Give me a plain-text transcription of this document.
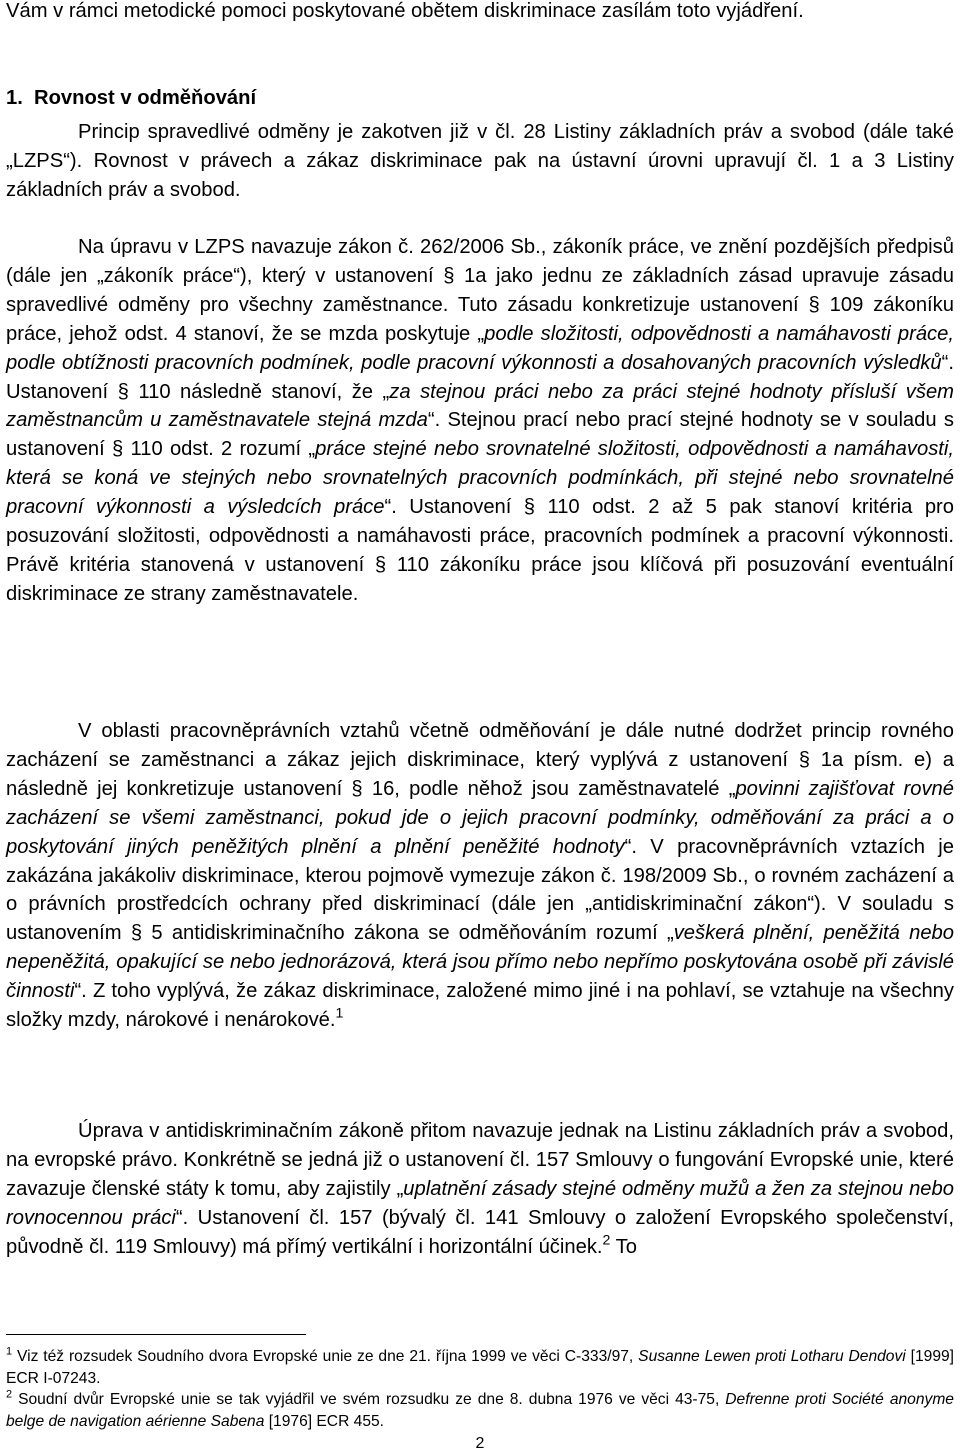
Vám v rámci metodické pomoci poskytované obětem diskriminace zasílám toto vyjádření.

1. Rovnost v odměňování

Princip spravedlivé odměny je zakotven již v čl. 28 Listiny základních práv a svobod (dále také „LZPS“). Rovnost v právech a zákaz diskriminace pak na ústavní úrovni upravují čl. 1 a 3 Listiny základních práv a svobod.

Na úpravu v LZPS navazuje zákon č. 262/2006 Sb., zákoník práce, ve znění pozdějších předpisů (dále jen „zákoník práce“), který v ustanovení § 1a jako jednu ze základních zásad upravuje zásadu spravedlivé odměny pro všechny zaměstnance. Tuto zásadu konkretizuje ustanovení § 109 zákoníku práce, jehož odst. 4 stanoví, že se mzda poskytuje „podle složitosti, odpovědnosti a namáhavosti práce, podle obtížnosti pracovních podmínek, podle pracovní výkonnosti a dosahovaných pracovních výsledků“. Ustanovení § 110 následně stanoví, že „za stejnou práci nebo za práci stejné hodnoty přísluší všem zaměstnancům u zaměstnavatele stejná mzda“. Stejnou prací nebo prací stejné hodnoty se v souladu s ustanovení § 110 odst. 2 rozumí „práce stejné nebo srovnatelné složitosti, odpovědnosti a namáhavosti, která se koná ve stejných nebo srovnatelných pracovních podmínkách, při stejné nebo srovnatelné pracovní výkonnosti a výsledcích práce“. Ustanovení § 110 odst. 2 až 5 pak stanoví kritéria pro posuzování složitosti, odpovědnosti a namáhavosti práce, pracovních podmínek a pracovní výkonnosti. Právě kritéria stanovená v ustanovení § 110 zákoníku práce jsou klíčová při posuzování eventuální diskriminace ze strany zaměstnavatele.

V oblasti pracovněprávních vztahů včetně odměňování je dále nutné dodržet princip rovného zacházení se zaměstnanci a zákaz jejich diskriminace, který vyplývá z ustanovení § 1a písm. e) a následně jej konkretizuje ustanovení § 16, podle něhož jsou zaměstnavatelé „povinni zajišťovat rovné zacházení se všemi zaměstnanci, pokud jde o jejich pracovní podmínky, odměňování za práci a o poskytování jiných peněžitých plnění a plnění peněžité hodnoty“. V pracovněprávních vztazích je zakázána jakákoliv diskriminace, kterou pojmově vymezuje zákon č. 198/2009 Sb., o rovném zacházení a o právních prostředcích ochrany před diskriminací (dále jen „antidiskriminační zákon“). V souladu s ustanovením § 5 antidiskriminačního zákona se odměňováním rozumí „veškerá plnění, peněžitá nebo nepeněžitá, opakující se nebo jednorázová, která jsou přímo nebo nepřímo poskytována osobě při závislé činnosti“. Z toho vyplývá, že zákaz diskriminace, založené mimo jiné i na pohlaví, se vztahuje na všechny složky mzdy, nárokové i nenárokové.$^1$

Úprava v antidiskriminačním zákoně přitom navazuje jednak na Listinu základních práv a svobod, na evropské právo. Konkrétně se jedná již o ustanovení čl. 157 Smlouvy o fungování Evropské unie, které zavazuje členské státy k tomu, aby zajistily „uplatnění zásady stejné odměny mužů a žen za stejnou nebo rovnocennou práci“. Ustanovení čl. 157 (bývalý čl. 141 Smlouvy o založení Evropského společenství, původně čl. 119 Smlouvy) má přímý vertikální i horizontální účinek.$^2$ To

$^1$ Viz též rozsudek Soudního dvora Evropské unie ze dne 21. října 1999 ve věci C-333/97, Susanne Lewen proti Lotharu Dendovi [1999] ECR I-07243.

$^2$ Soudní dvůr Evropské unie se tak vyjádřil ve svém rozsudku ze dne 8. dubna 1976 ve věci 43-75, Defrenne proti Société anonyme belge de navigation aérienne Sabena [1976] ECR 455.

2
